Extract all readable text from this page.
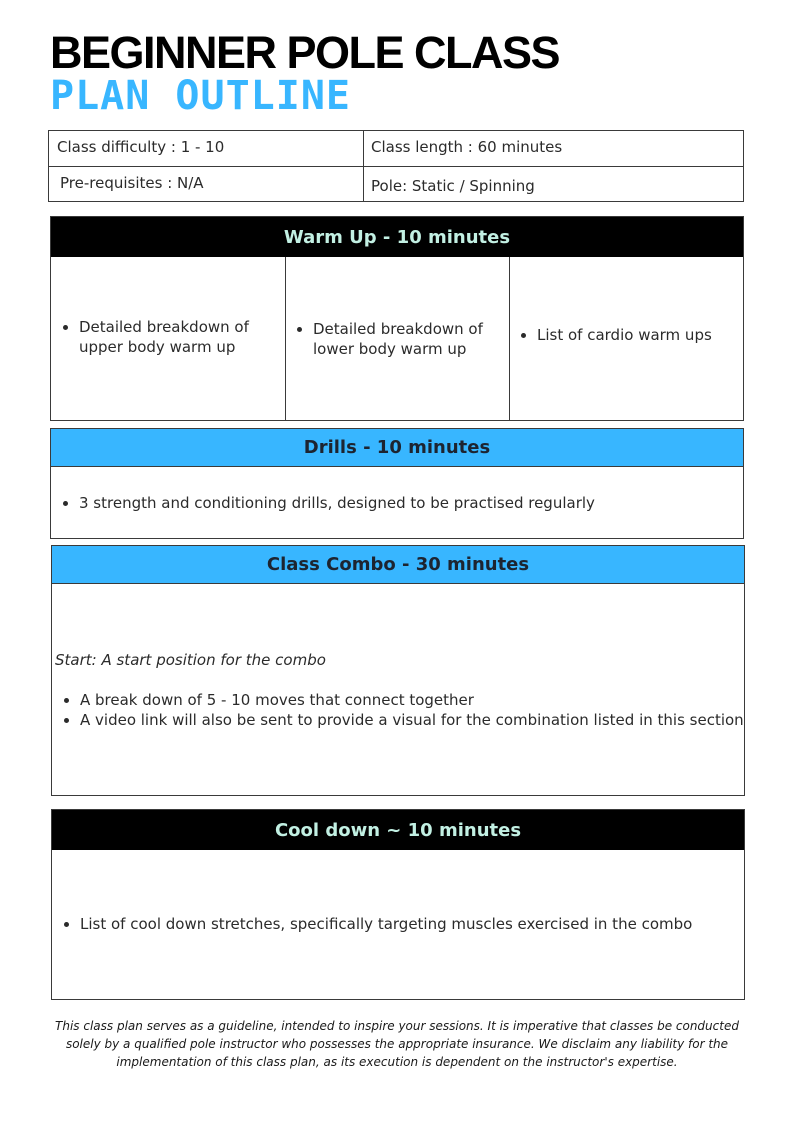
BEGINNER POLE CLASS
PLAN OUTLINE
Class difficulty : 1 - 10	Class length : 60 minutes
Pre-requisites : N/A	Pole: Static / Spinning
Warm Up - 10 minutes
Detailed breakdown of
upper body warm up
Detailed breakdown of
lower body warm up
List of cardio warm ups
Drills - 10 minutes
3 strength and conditioning drills, designed to be practised regularly
Class Combo - 30 minutes
Start: A start position for the combo
A break down of 5 - 10 moves that connect together
A video link will also be sent to provide a visual for the combination listed in this section
Cool down ~ 10 minutes
List of cool down stretches, specifically targeting muscles exercised in the combo
This class plan serves as a guideline, intended to inspire your sessions. It is imperative that classes be conducted solely by a qualified pole instructor who possesses the appropriate insurance. We disclaim any liability for the implementation of this class plan, as its execution is dependent on the instructor's expertise.
